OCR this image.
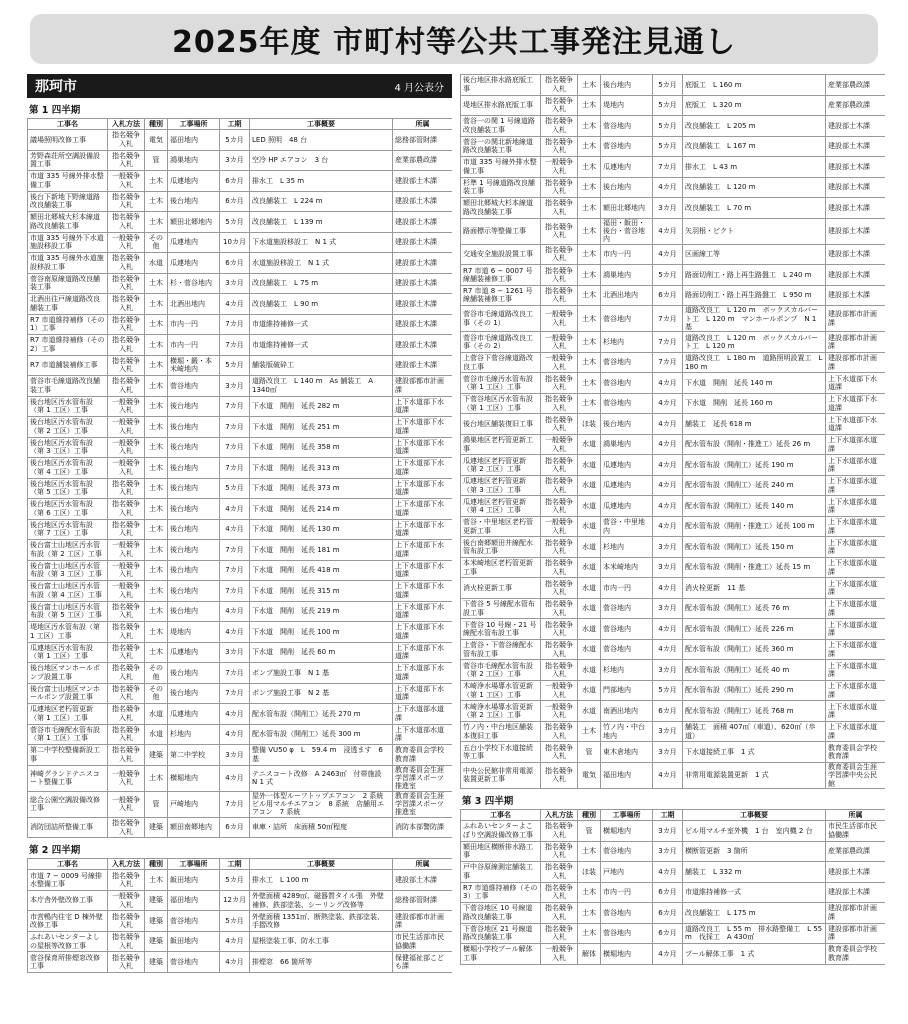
2025年度 市町村等公共工事発注見通し
那珂市	4 月公表分
第 1 四半期
工事名	入札方法	種別	工事場所	工期	工事概要	所属
議場照明改修工事	指名競争入札	電気	福田地内	5カ月	LED 照明　48 台	総務部管財課
芳野森荘所空調設備設置工事	指名競争入札	管	鴻巣地内	3カ月	空冷 HP エアコン　3 台	産業部農政課
市道 335 号線外排水整備工事	一般競争入札	土木	瓜連地内	6カ月	排水工　L 35 m	建設部土木課
後台下新地下野線道路改良舗装工事	指名競争入札	土木	後台地内	6カ月	改良舗装工　L 224 m	建設部土木課
額田北郷城大杉本線道路改良舗装工事	指名競争入札	土木	額田北郷地内	5カ月	改良舗装工　L 139 m	建設部土木課
市道 335 号線外下水道施設移設工事	一般競争入札	その他	瓜連地内	10カ月	下水道施設移設工　N 1 式	建設部土木課
市道 335 号線外水道施設移設工事	指名競争入札	水道	瓜連地内	6カ月	水道施設移設工　N 1 式	建設部土木課
菅谷南原線道路改良舗装工事	指名競争入札	土木	杉・菅谷地内	3カ月	改良舗装工　L 75 m	建設部土木課
北酒出往戸線道路改良舗装工事	指名競争入札	土木	北酒出地内	4カ月	改良舗装工　L 90 m	建設部土木課
R7 市道維持補修（その 1）工事	指名競争入札	土木	市内一円	7カ月	市道維持補修一式	建設部土木課
R7 市道維持補修（その 2）工事	指名競争入札	土木	市内一円	7カ月	市道維持補修一式	建設部土木課
R7 市道舗装補修工事	指名競争入札	土木	横堀・鍛・本米崎地内	5カ月	舗装版破砕工	建設部土木課
菅谷市毛線道路改良舗装工事	指名競争入札	土木	菅谷地内	3カ月	道路改良工　L 140 m　As 舗装工　A 1340㎡	建設部都市計画課
後台地区汚水管布設（第 1 工区）工事	一般競争入札	土木	後台地内	7カ月	下水道　開削　延長 282 m	上下水道部下水道課
後台地区汚水管布設（第 2 工区）工事	一般競争入札	土木	後台地内	7カ月	下水道　開削　延長 251 m	上下水道部下水道課
後台地区汚水管布設（第 3 工区）工事	一般競争入札	土木	後台地内	7カ月	下水道　開削　延長 358 m	上下水道部下水道課
後台地区汚水管布設（第 4 工区）工事	一般競争入札	土木	後台地内	7カ月	下水道　開削　延長 313 m	上下水道部下水道課
後台地区汚水管布設（第 5 工区）工事	指名競争入札	土木	後台地内	5カ月	下水道　開削　延長 373 m	上下水道部下水道課
後台地区汚水管布設（第 6 工区）工事	指名競争入札	土木	後台地内	4カ月	下水道　開削　延長 214 m	上下水道部下水道課
後台地区汚水管布設（第 7 工区）工事	指名競争入札	土木	後台地内	4カ月	下水道　開削　延長 130 m	上下水道部下水道課
後台富士山地区汚水管布設（第 2 工区）工事	一般競争入札	土木	後台地内	7カ月	下水道　開削　延長 181 m	上下水道部下水道課
後台富士山地区汚水管布設（第 3 工区）工事	一般競争入札	土木	後台地内	7カ月	下水道　開削　延長 418 m	上下水道部下水道課
後台富士山地区汚水管布設（第 4 工区）工事	一般競争入札	土木	後台地内	7カ月	下水道　開削　延長 315 m	上下水道部下水道課
後台富士山地区汚水管布設（第 5 工区）工事	指名競争入札	土木	後台地内	4カ月	下水道　開削　延長 219 m	上下水道部下水道課
堤地区汚水管布設（第 1 工区）工事	指名競争入札	土木	堤地内	4カ月	下水道　開削　延長 100 m	上下水道部下水道課
瓜連地区汚水管布設（第 1 工区）工事	指名競争入札	土木	瓜連地内	3カ月	下水道　開削　延長 60 m	上下水道部下水道課
後台地区マンホールポンプ設置工事	指名競争入札	その他	後台地内	7カ月	ポンプ施設工事　N 1 基	上下水道部下水道課
後台富士山地区マンホールポンプ設置工事	指名競争入札	その他	後台地内	7カ月	ポンプ施設工事　N 2 基	上下水道部下水道課
瓜連地区老朽管更新（第 1 工区）工事	指名競争入札	水道	瓜連地内	4カ月	配水管布設（開削工）延長 270 m	上下水道部水道課
菅谷市毛線配水管布設（第 1 工区）工事	指名競争入札	水道	杉地内	4カ月	配水管布設（開削工）延長 300 m	上下水道部水道課
第二中学校整備新設工事	指名競争入札	建築	第二中学校	3カ月	整備 VU50 φ　L　59.4 m　浸透ます　6 基	教育委員会学校教育課
神崎グランドテニスコート整備工事	一般競争入札	土木	横堀地内	4カ月	テニスコート改修　A 2463㎡　付帯施設　N 1 式	教育委員会生涯学習課スポーツ推進室
総合公園空調設備改修工事	一般競争入札	管	戸崎地内	7カ月	屋外一体型ルーフトップエアコン　2 系統　ビル用マルチエアコン　8 系統　店舗用エアコン　7 系統	教育委員会生涯学習課スポーツ推進室
消防団詰所整備工事	指名競争入札	建築	額田南郷地内	6カ月	車庫・詰所　床面積 50㎡程度	消防本部警防課
第 2 四半期
工事名	入札方法	種別	工事場所	工期	工事概要	所属
市道 7 − 0009 号線排水整備工事	指名競争入札	土木	飯田地内	5カ月	排水工　L 100 m	建設部土木課
本庁舎外壁改修工事	一般競争入札	建築	福田地内	12カ月	外壁面積 4289㎡、磁器質タイル張　外壁補修、鉄部塗装、シーリング改修等	総務部管財課
市営鴨内住宅 D 棟外壁改修工事	指名競争入札	建築	菅谷地内	5カ月	外壁面積 1351㎡、断熱塗装、鉄部塗装、手摺改修	建設部都市計画課
ふれあいセンターよしの屋根等改修工事	指名競争入札	建築	飯田地内	4カ月	屋根塗装工事、防水工事	市民生活部市民協働課
菅谷保育所排煙窓改修工事	指名競争入札	建築	菅谷地内	4カ月	排煙窓　66 箇所等	保健福祉部こども課
後台地区排水路底版工事	指名競争入札	土木	後台地内	5カ月	底版工　L 160 m	産業部農政課
堤地区排水路底版工事	指名競争入札	土木	堤地内	5カ月	底版工　L 320 m	産業部農政課
菅谷一の関 1 号線道路改良舗装工事	指名競争入札	土木	菅谷地内	5カ月	改良舗装工　L 205 m	建設部土木課
菅谷一の関北新地線道路改良舗装工事	指名競争入札	土木	菅谷地内	5カ月	改良舗装工　L 167 m	建設部土木課
市道 335 号線外排水整備工事	一般競争入札	土木	瓜連地内	7カ月	排水工　L 43 m	建設部土木課
杉準 1 号線道路改良舗装工事	指名競争入札	土木	後台地内	4カ月	改良舗装工　L 120 m	建設部土木課
額田北郷城大杉本線道路改良舗装工事	指名競争入札	土木	額田北郷地内	3カ月	改良舗装工　L 70 m	建設部土木課
路面標示等整備工事	指名競争入札	土木	福田・飯田・後台・菅谷地内	4カ月	矢羽根・ピクト	建設部土木課
交通安全施設設置工事	指名競争入札	土木	市内一円	4カ月	区画線工等	建設部土木課
R7 市道 6 − 0007 号線舗装補修工事	指名競争入札	土木	鴻巣地内	5カ月	路面切削工・路上再生路盤工　L 240 m	建設部土木課
R7 市道 8 − 1261 号線舗装補修工事	指名競争入札	土木	北酒出地内	6カ月	路面切削工・路上再生路盤工　L 950 m	建設部土木課
菅谷市毛線道路改良工事（その 1）	一般競争入札	土木	菅谷地内	7カ月	道路改良工　L 120 m　ボックスカルバート工　L 120 m　マンホールポンプ　N 1 基	建設部都市計画課
菅谷市毛線道路改良工事（その 2）	一般競争入札	土木	杉地内	7カ月	道路改良工　L 120 m　ボックスカルバート工　L 120 m	建設部都市計画課
上菅谷下菅谷線道路改良工事	一般競争入札	土木	菅谷地内	7カ月	道路改良工　L 180 m　道路照明設置工　L 180 m	建設部都市計画課
菅谷市毛線汚水管布設（第 1 工区）工事	指名競争入札	土木	菅谷地内	4カ月	下水道　開削　延長 140 m	上下水道部下水道課
下菅谷地区汚水管布設（第 1 工区）工事	指名競争入札	土木	菅谷地内	4カ月	下水道　開削　延長 160 m	上下水道部下水道課
後台地区舗装復旧工事	指名競争入札	ほ装	後台地内	4カ月	舗装工　延長 618 m	上下水道部下水道課
鴻巣地区老朽管更新工事	一般競争入札	水道	鴻巣地内	4カ月	配水管布設（開削・推進工）延長 26 m	上下水道部水道課
瓜連地区老朽管更新（第 2 工区）工事	指名競争入札	水道	瓜連地内	4カ月	配水管布設（開削工）延長 190 m	上下水道部水道課
瓜連地区老朽管更新（第 3 工区）工事	指名競争入札	水道	瓜連地内	4カ月	配水管布設（開削工）延長 240 m	上下水道部水道課
瓜連地区老朽管更新（第 4 工区）工事	指名競争入札	水道	瓜連地内	4カ月	配水管布設（開削工）延長 140 m	上下水道部水道課
菅谷・中里地区老朽管更新工事	一般競争入札	水道	菅谷・中里地内	4カ月	配水管布設（開削・推進工）延長 100 m	上下水道部水道課
後台南郷額田井線配水管布設工事	指名競争入札	水道	杉地内	3カ月	配水管布設（開削工）延長 150 m	上下水道部水道課
本米崎地区老朽管更新工事	指名競争入札	水道	本米崎地内	3カ月	配水管布設（開削・推進工）延長 15 m	上下水道部水道課
消火栓更新工事	指名競争入札	水道	市内一円	4カ月	消火栓更新　11 基	上下水道部水道課
下菅谷 5 号線配水管布設工事	指名競争入札	水道	菅谷地内	3カ月	配水管布設（開削工）延長 76 m	上下水道部水道課
下菅谷 10 号線・21 号線配水管布設工事	指名競争入札	水道	菅谷地内	4カ月	配水管布設（開削工）延長 226 m	上下水道部水道課
上菅谷・下菅谷線配水管布設工事	指名競争入札	水道	菅谷地内	4カ月	配水管布設（開削工）延長 360 m	上下水道部水道課
菅谷市毛線配水管布設（第 2 工区）工事	指名競争入札	水道	杉地内	3カ月	配水管布設（開削工）延長 40 m	上下水道部水道課
木崎浄水場導水管更新（第 1 工区）工事	一般競争入札	水道	門部地内	5カ月	配水管布設（開削工）延長 290 m	上下水道部水道課
木崎浄水場導水管更新（第 2 工区）工事	一般競争入札	水道	南酒出地内	6カ月	配水管布設（開削工）延長 768 m	上下水道部水道課
竹ノ内・中台地区舗装本復旧工事	指名競争入札	土木	竹ノ内・中台地内	3カ月	舗装工　面積 407㎡（車道）、620㎡（歩道）	上下水道部水道課
五台小学校下水道接続等工事	指名競争入札	管	東木倉地内	3カ月	下水道接続工事　1 式	教育委員会学校教育課
中央公民館非常用電源装置更新工事	指名競争入札	電気	福田地内	4カ月	非常用電源装置更新　1 式	教育委員会生涯学習課中央公民館
第 3 四半期
工事名	入札方法	種別	工事場所	工期	工事概要	所属
ふれあいセンターよこぼり空調設備改修工事	指名競争入札	管	横堀地内	3カ月	ビル用マルチ室外機　1 台　室内機 2 台	市民生活部市民協働課
額田地区横断排水路工事	指名競争入札	土木	菅谷地内	3カ月	横断管更新　3 箇所	産業部農政課
戸中谷原線測定舗装工事	指名競争入札	ほ装	戸地内	4カ月	舗装工　L 332 m	建設部土木課
R7 市道維持補修（その 3）工事	指名競争入札	土木	市内一円	6カ月	市道維持補修一式	建設部土木課
下菅谷地区 10 号線道路改良舗装工事	指名競争入札	土木	菅谷地内	6カ月	改良舗装工　L 175 m	建設部都市計画課
下菅谷地区 21 号線道路改良舗装工事	指名競争入札	土木	菅谷地内	6カ月	道路改良工　L 55 m　排水路整備工　L 55 m　伐採工　A 430㎡	建設部都市計画課
横堀小学校プール解体工事	一般競争入札	解体	横堀地内	4カ月	プール解体工事　1 式	教育委員会学校教育課
